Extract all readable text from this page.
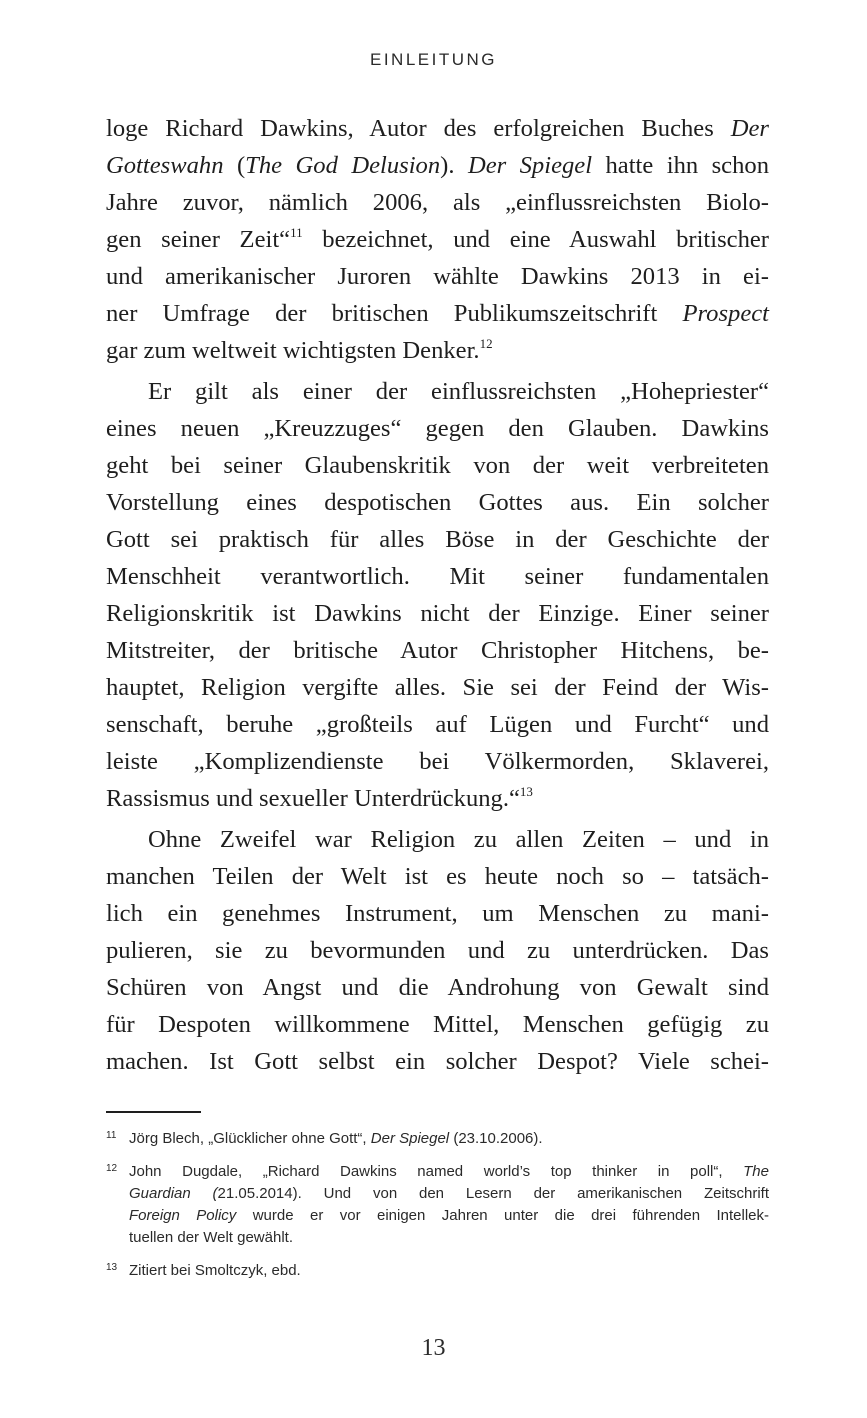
EINLEITUNG
loge Richard Dawkins, Autor des erfolgreichen Buches Der
Gotteswahn (The God Delusion). Der Spiegel hatte ihn schon
Jahre zuvor, nämlich 2006, als „einflussreichsten Biolo-
gen seiner Zeit“$^{11}$ bezeichnet, und eine Auswahl britischer
und amerikanischer Juroren wählte Dawkins 2013 in ei-
ner Umfrage der britischen Publikumszeitschrift Prospect
gar zum weltweit wichtigsten Denker.$^{12}$
Er gilt als einer der einflussreichsten „Hohepriester“
eines neuen „Kreuzzuges“ gegen den Glauben. Dawkins
geht bei seiner Glaubenskritik von der weit verbreiteten
Vorstellung eines despotischen Gottes aus. Ein solcher
Gott sei praktisch für alles Böse in der Geschichte der
Menschheit verantwortlich. Mit seiner fundamentalen
Religionskritik ist Dawkins nicht der Einzige. Einer seiner
Mitstreiter, der britische Autor Christopher Hitchens, be-
hauptet, Religion vergifte alles. Sie sei der Feind der Wis-
senschaft, beruhe „großteils auf Lügen und Furcht“ und
leiste „Komplizendienste bei Völkermorden, Sklaverei,
Rassismus und sexueller Unterdrückung.“$^{13}$
Ohne Zweifel war Religion zu allen Zeiten – und in
manchen Teilen der Welt ist es heute noch so – tatsäch-
lich ein genehmes Instrument, um Menschen zu mani-
pulieren, sie zu bevormunden und zu unterdrücken. Das
Schüren von Angst und die Androhung von Gewalt sind
für Despoten willkommene Mittel, Menschen gefügig zu
machen. Ist Gott selbst ein solcher Despot? Viele schei-
11 Jörg Blech, „Glücklicher ohne Gott“, Der Spiegel (23.10.2006).
12 John Dugdale, „Richard Dawkins named world’s top thinker in poll“, The
Guardian (21.05.2014). Und von den Lesern der amerikanischen Zeitschrift
Foreign Policy wurde er vor einigen Jahren unter die drei führenden Intellek-
tuellen der Welt gewählt.
13 Zitiert bei Smoltczyk, ebd.
13
